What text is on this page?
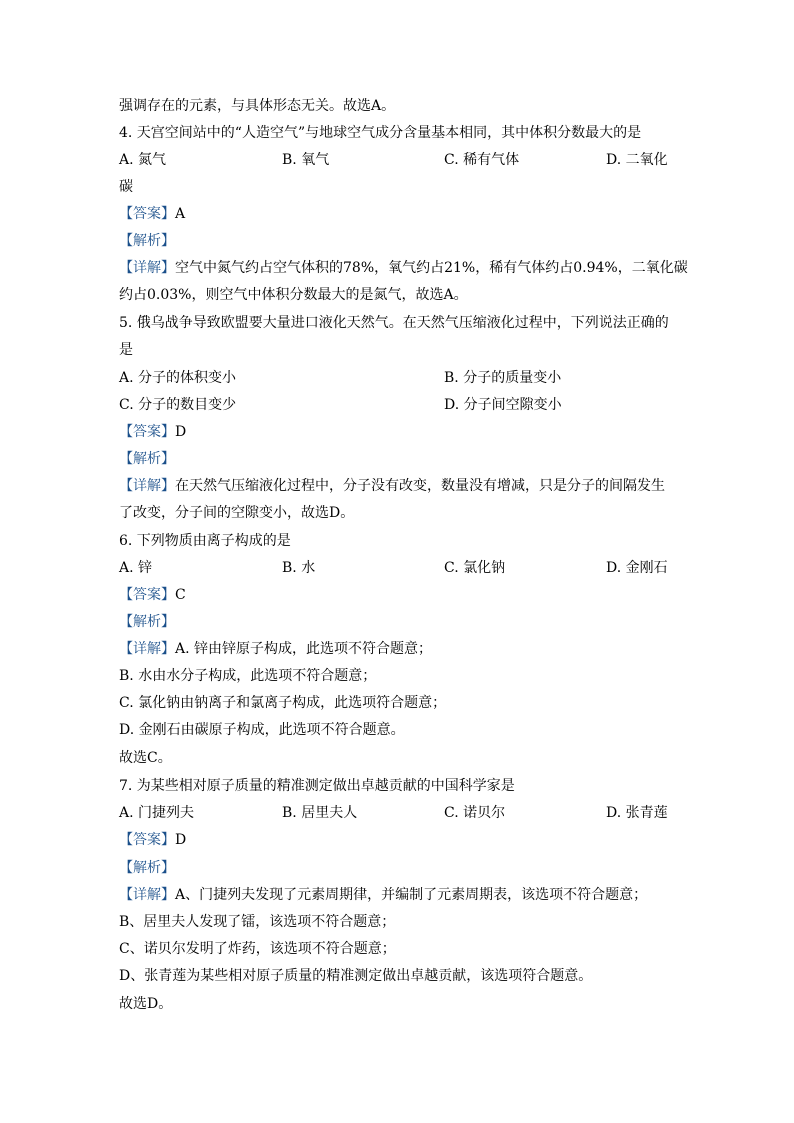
强调存在的元素，与具体形态无关。故选A。
4. 天宫空间站中的“人造空气”与地球空气成分含量基本相同，其中体积分数最大的是
A. 氮气	B. 氧气	C. 稀有气体	D. 二氧化
碳
【答案】A
【解析】
【详解】空气中氮气约占空气体积的78%，氧气约占21%，稀有气体约占0.94%，二氧化碳
约占0.03%，则空气中体积分数最大的是氮气，故选A。
5. 俄乌战争导致欧盟要大量进口液化天然气。在天然气压缩液化过程中，下列说法正确的
是
A. 分子的体积变小	B. 分子的质量变小
C. 分子的数目变少	D. 分子间空隙变小
【答案】D
【解析】
【详解】在天然气压缩液化过程中，分子没有改变，数量没有增减，只是分子的间隔发生
了改变，分子间的空隙变小，故选D。
6. 下列物质由离子构成的是
A. 锌	B. 水	C. 氯化钠	D. 金刚石
【答案】C
【解析】
【详解】A. 锌由锌原子构成，此选项不符合题意；
B. 水由水分子构成，此选项不符合题意；
C. 氯化钠由钠离子和氯离子构成，此选项符合题意；
D. 金刚石由碳原子构成，此选项不符合题意。
故选C。
7. 为某些相对原子质量的精准测定做出卓越贡献的中国科学家是
A. 门捷列夫	B. 居里夫人	C. 诺贝尔	D. 张青莲
【答案】D
【解析】
【详解】A、门捷列夫发现了元素周期律，并编制了元素周期表，该选项不符合题意；
B、居里夫人发现了镭，该选项不符合题意；
C、诺贝尔发明了炸药，该选项不符合题意；
D、张青莲为某些相对原子质量的精准测定做出卓越贡献，该选项符合题意。
故选D。
